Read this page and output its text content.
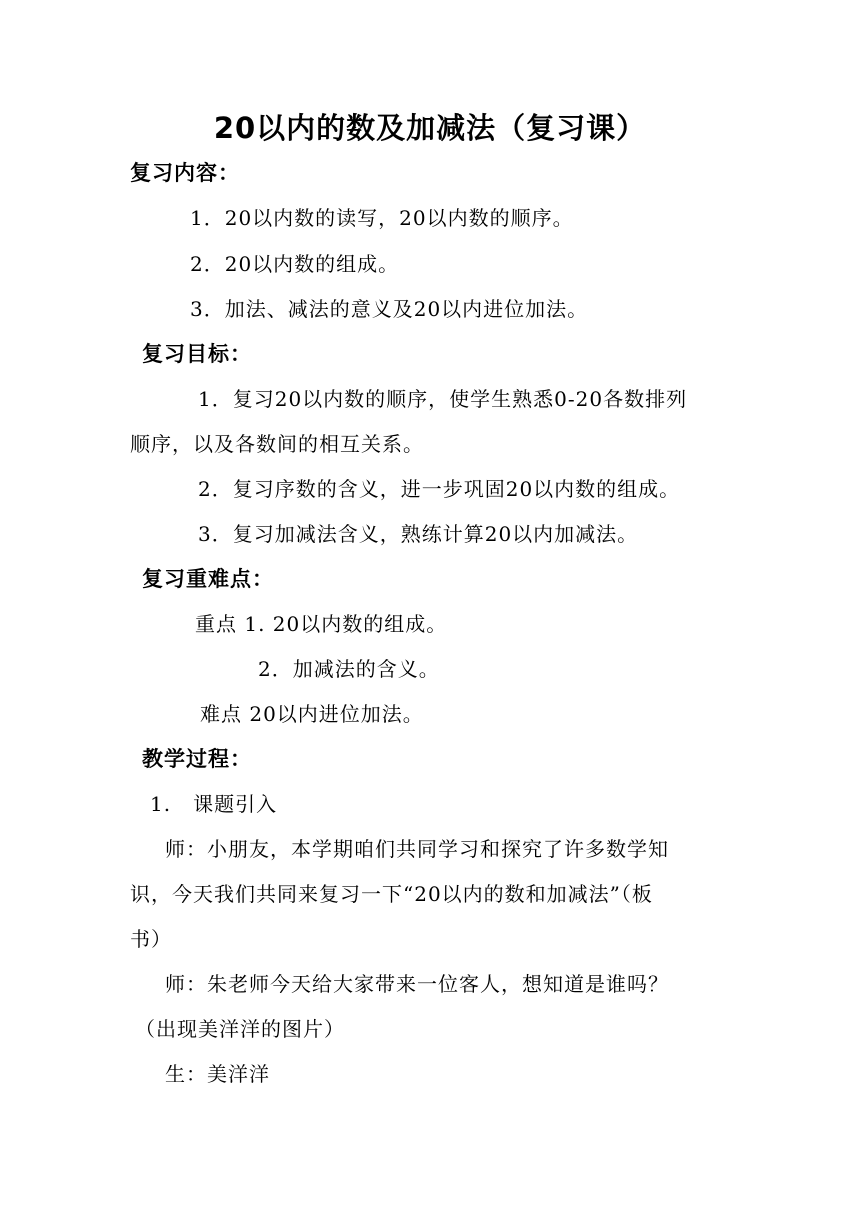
20以内的数及加减法（复习课）
复习内容：
1．20以内数的读写，20以内数的顺序。
2．20以内数的组成。
3．加法、减法的意义及20以内进位加法。
复习目标：
1．复习20以内数的顺序，使学生熟悉0-20各数排列
顺序，以及各数间的相互关系。
2．复习序数的含义，进一步巩固20以内数的组成。
3．复习加减法含义，熟练计算20以内加减法。
复习重难点：
重点 1. 20以内数的组成。
2．加减法的含义。
难点 20以内进位加法。
教学过程：
1.   课题引入
师：小朋友，本学期咱们共同学习和探究了许多数学知
识，今天我们共同来复习一下“20以内的数和加减法”（板
书）
师：朱老师今天给大家带来一位客人，想知道是谁吗？
（出现美洋洋的图片）
生：美洋洋
